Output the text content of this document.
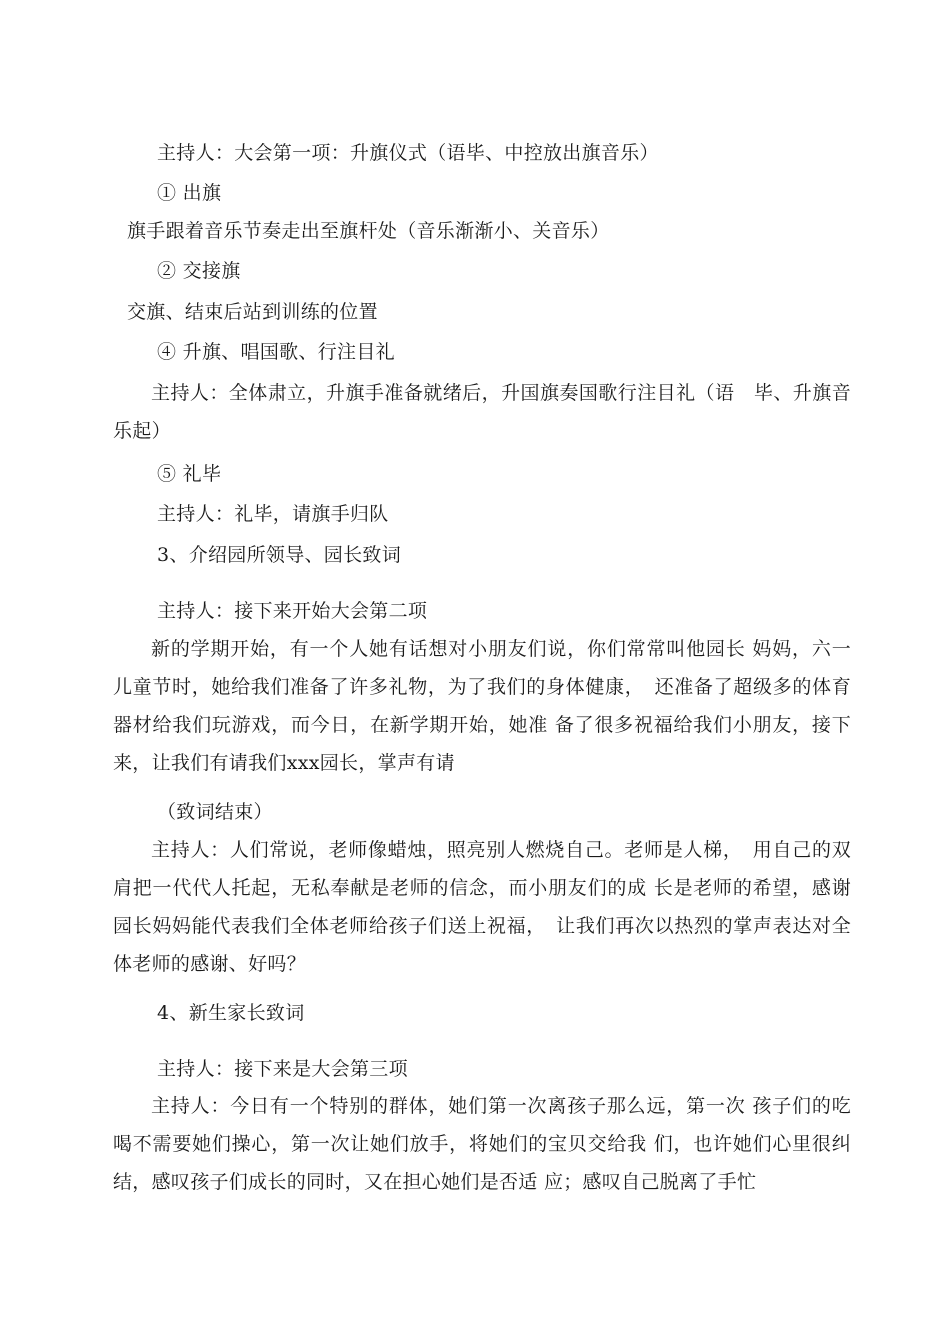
主持人：大会第一项：升旗仪式（语毕、中控放出旗音乐）
① 出旗
旗手跟着音乐节奏走出至旗杆处（音乐渐渐小、关音乐）
② 交接旗
交旗、结束后站到训练的位置
④ 升旗、唱国歌、行注目礼
主持人：全体肃立，升旗手准备就绪后，升国旗奏国歌行注目礼（语　毕、升旗音乐起）
⑤ 礼毕
主持人：礼毕，请旗手归队
3、介绍园所领导、园长致词
主持人：接下来开始大会第二项
新的学期开始，有一个人她有话想对小朋友们说，你们常常叫他园长 妈妈，六一儿童节时，她给我们准备了许多礼物，为了我们的身体健康，　还准备了超级多的体育器材给我们玩游戏，而今日，在新学期开始，她准 备了很多祝福给我们小朋友，接下来，让我们有请我们xxx园长，掌声有请
（致词结束）
主持人：人们常说，老师像蜡烛，照亮别人燃烧自己。老师是人梯，　用自己的双肩把一代代人托起，无私奉献是老师的信念，而小朋友们的成 长是老师的希望，感谢园长妈妈能代表我们全体老师给孩子们送上祝福，　让我们再次以热烈的掌声表达对全体老师的感谢、好吗？
4、新生家长致词
主持人：接下来是大会第三项
主持人：今日有一个特别的群体，她们第一次离孩子那么远，第一次 孩子们的吃喝不需要她们操心，第一次让她们放手，将她们的宝贝交给我 们，也许她们心里很纠结，感叹孩子们成长的同时，又在担心她们是否适 应；感叹自己脱离了手忙
